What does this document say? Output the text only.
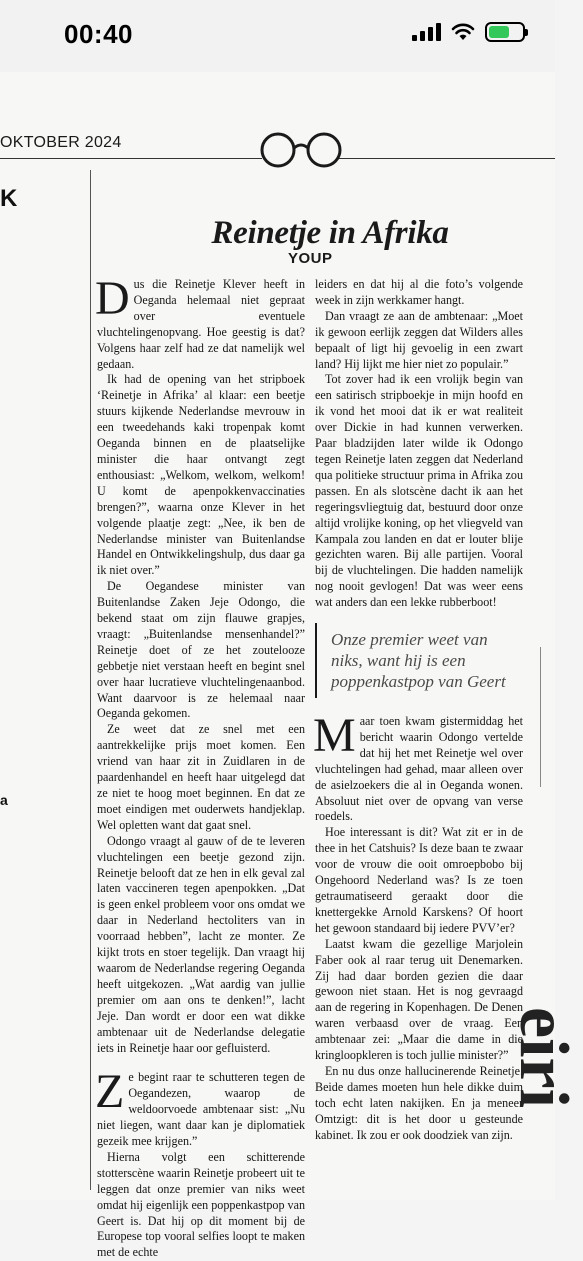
00:40
OKTOBER 2024
K
a
YOUP
Reinetje in Afrika

Dus die Reinetje Klever heeft in Oeganda helemaal niet gepraat over eventuele vluchtelingenopvang. Hoe geestig is dat? Volgens haar zelf had ze dat namelijk wel gedaan.

Ik had de opening van het stripboek ‘Reinetje in Afrika’ al klaar: een beetje stuurs kijkende Nederlandse mevrouw in een tweedehands kaki tropenpak komt Oeganda binnen en de plaatselijke minister die haar ontvangt zegt enthousiast: „Welkom, welkom, welkom! U komt de apenpokkenvaccinaties brengen?”, waarna onze Klever in het volgende plaatje zegt: „Nee, ik ben de Nederlandse minister van Buitenlandse Handel en Ontwikkelingshulp, dus daar ga ik niet over.”

De Oegandese minister van Buitenlandse Zaken Jeje Odongo, die bekend staat om zijn flauwe grapjes, vraagt: „Buitenlandse mensenhandel?” Reinetje doet of ze het zoutelooze gebbetje niet verstaan heeft en begint snel over haar lucratieve vluchtelingenaanbod. Want daarvoor is ze helemaal naar Oeganda gekomen.

Ze weet dat ze snel met een aantrekkelijke prijs moet komen. Een vriend van haar zit in Zuidlaren in de paardenhandel en heeft haar uitgelegd dat ze niet te hoog moet beginnen. En dat ze moet eindigen met ouderwets handjeklap. Wel opletten want dat gaat snel.

Odongo vraagt al gauw of de te leveren vluchtelingen een beetje gezond zijn. Reinetje belooft dat ze hen in elk geval zal laten vaccineren tegen apenpokken. „Dat is geen enkel probleem voor ons omdat we daar in Nederland hectoliters van in voorraad hebben”, lacht ze monter. Ze kijkt trots en stoer tegelijk. Dan vraagt hij waarom de Nederlandse regering Oeganda heeft uitgekozen. „Wat aardig van jullie premier om aan ons te denken!”, lacht Jeje. Dan wordt er door een wat dikke ambtenaar uit de Nederlandse delegatie iets in Reinetje haar oor gefluisterd.

Ze begint raar te schutteren tegen de Oegandezen, waarop de weldoorvoede ambtenaar sist: „Nu niet liegen, want daar kan je diplomatiek gezeik mee krijgen.”

Hierna volgt een schitterende stotterscène waarin Reinetje probeert uit te leggen dat onze premier van niks weet omdat hij eigenlijk een poppenkastpop van Geert is. Dat hij op dit moment bij de Europese top vooral selfies loopt te maken met de echte

leiders en dat hij al die foto’s volgende week in zijn werkkamer hangt.

Dan vraagt ze aan de ambtenaar: „Moet ik gewoon eerlijk zeggen dat Wilders alles bepaalt of ligt hij gevoelig in een zwart land? Hij lijkt me hier niet zo populair.”

Tot zover had ik een vrolijk begin van een satirisch stripboekje in mijn hoofd en ik vond het mooi dat ik er wat realiteit over Dickie in had kunnen verwerken. Paar bladzijden later wilde ik Odongo tegen Reinetje laten zeggen dat Nederland qua politieke structuur prima in Afrika zou passen. En als slotscène dacht ik aan het regeringsvliegtuig dat, bestuurd door onze altijd vrolijke koning, op het vliegveld van Kampala zou landen en dat er louter blije gezichten waren. Bij alle partijen. Vooral bij de vluchtelingen. Die hadden namelijk nog nooit gevlogen! Dat was weer eens wat anders dan een lekke rubberboot!

Onze premier weet van niks, want hij is een poppenkastpop van Geert

Maar toen kwam gistermiddag het bericht waarin Odongo vertelde dat hij het met Reinetje wel over vluchtelingen had gehad, maar alleen over de asielzoekers die al in Oeganda wonen. Absoluut niet over de opvang van verse roedels.

Hoe interessant is dit? Wat zit er in de thee in het Catshuis? Is deze baan te zwaar voor de vrouw die ooit omroepbobo bij Ongehoord Nederland was? Is ze toen getraumatiseerd geraakt door die knettergekke Arnold Karskens? Of hoort het gewoon standaard bij iedere PVV’er?

Laatst kwam die gezellige Marjolein Faber ook al raar terug uit Denemarken. Zij had daar borden gezien die daar gewoon niet staan. Het is nog gevraagd aan de regering in Kopenhagen. De Denen waren verbaasd over de vraag. Een ambtenaar zei: „Maar die dame in die kringloopkleren is toch jullie minister?”

En nu dus onze hallucinerende Reinetje. Beide dames moeten hun hele dikke duim toch echt laten nakijken. En ja meneer Omtzigt: dit is het door u gesteunde kabinet. Ik zou er ook doodziek van zijn.

eiri
